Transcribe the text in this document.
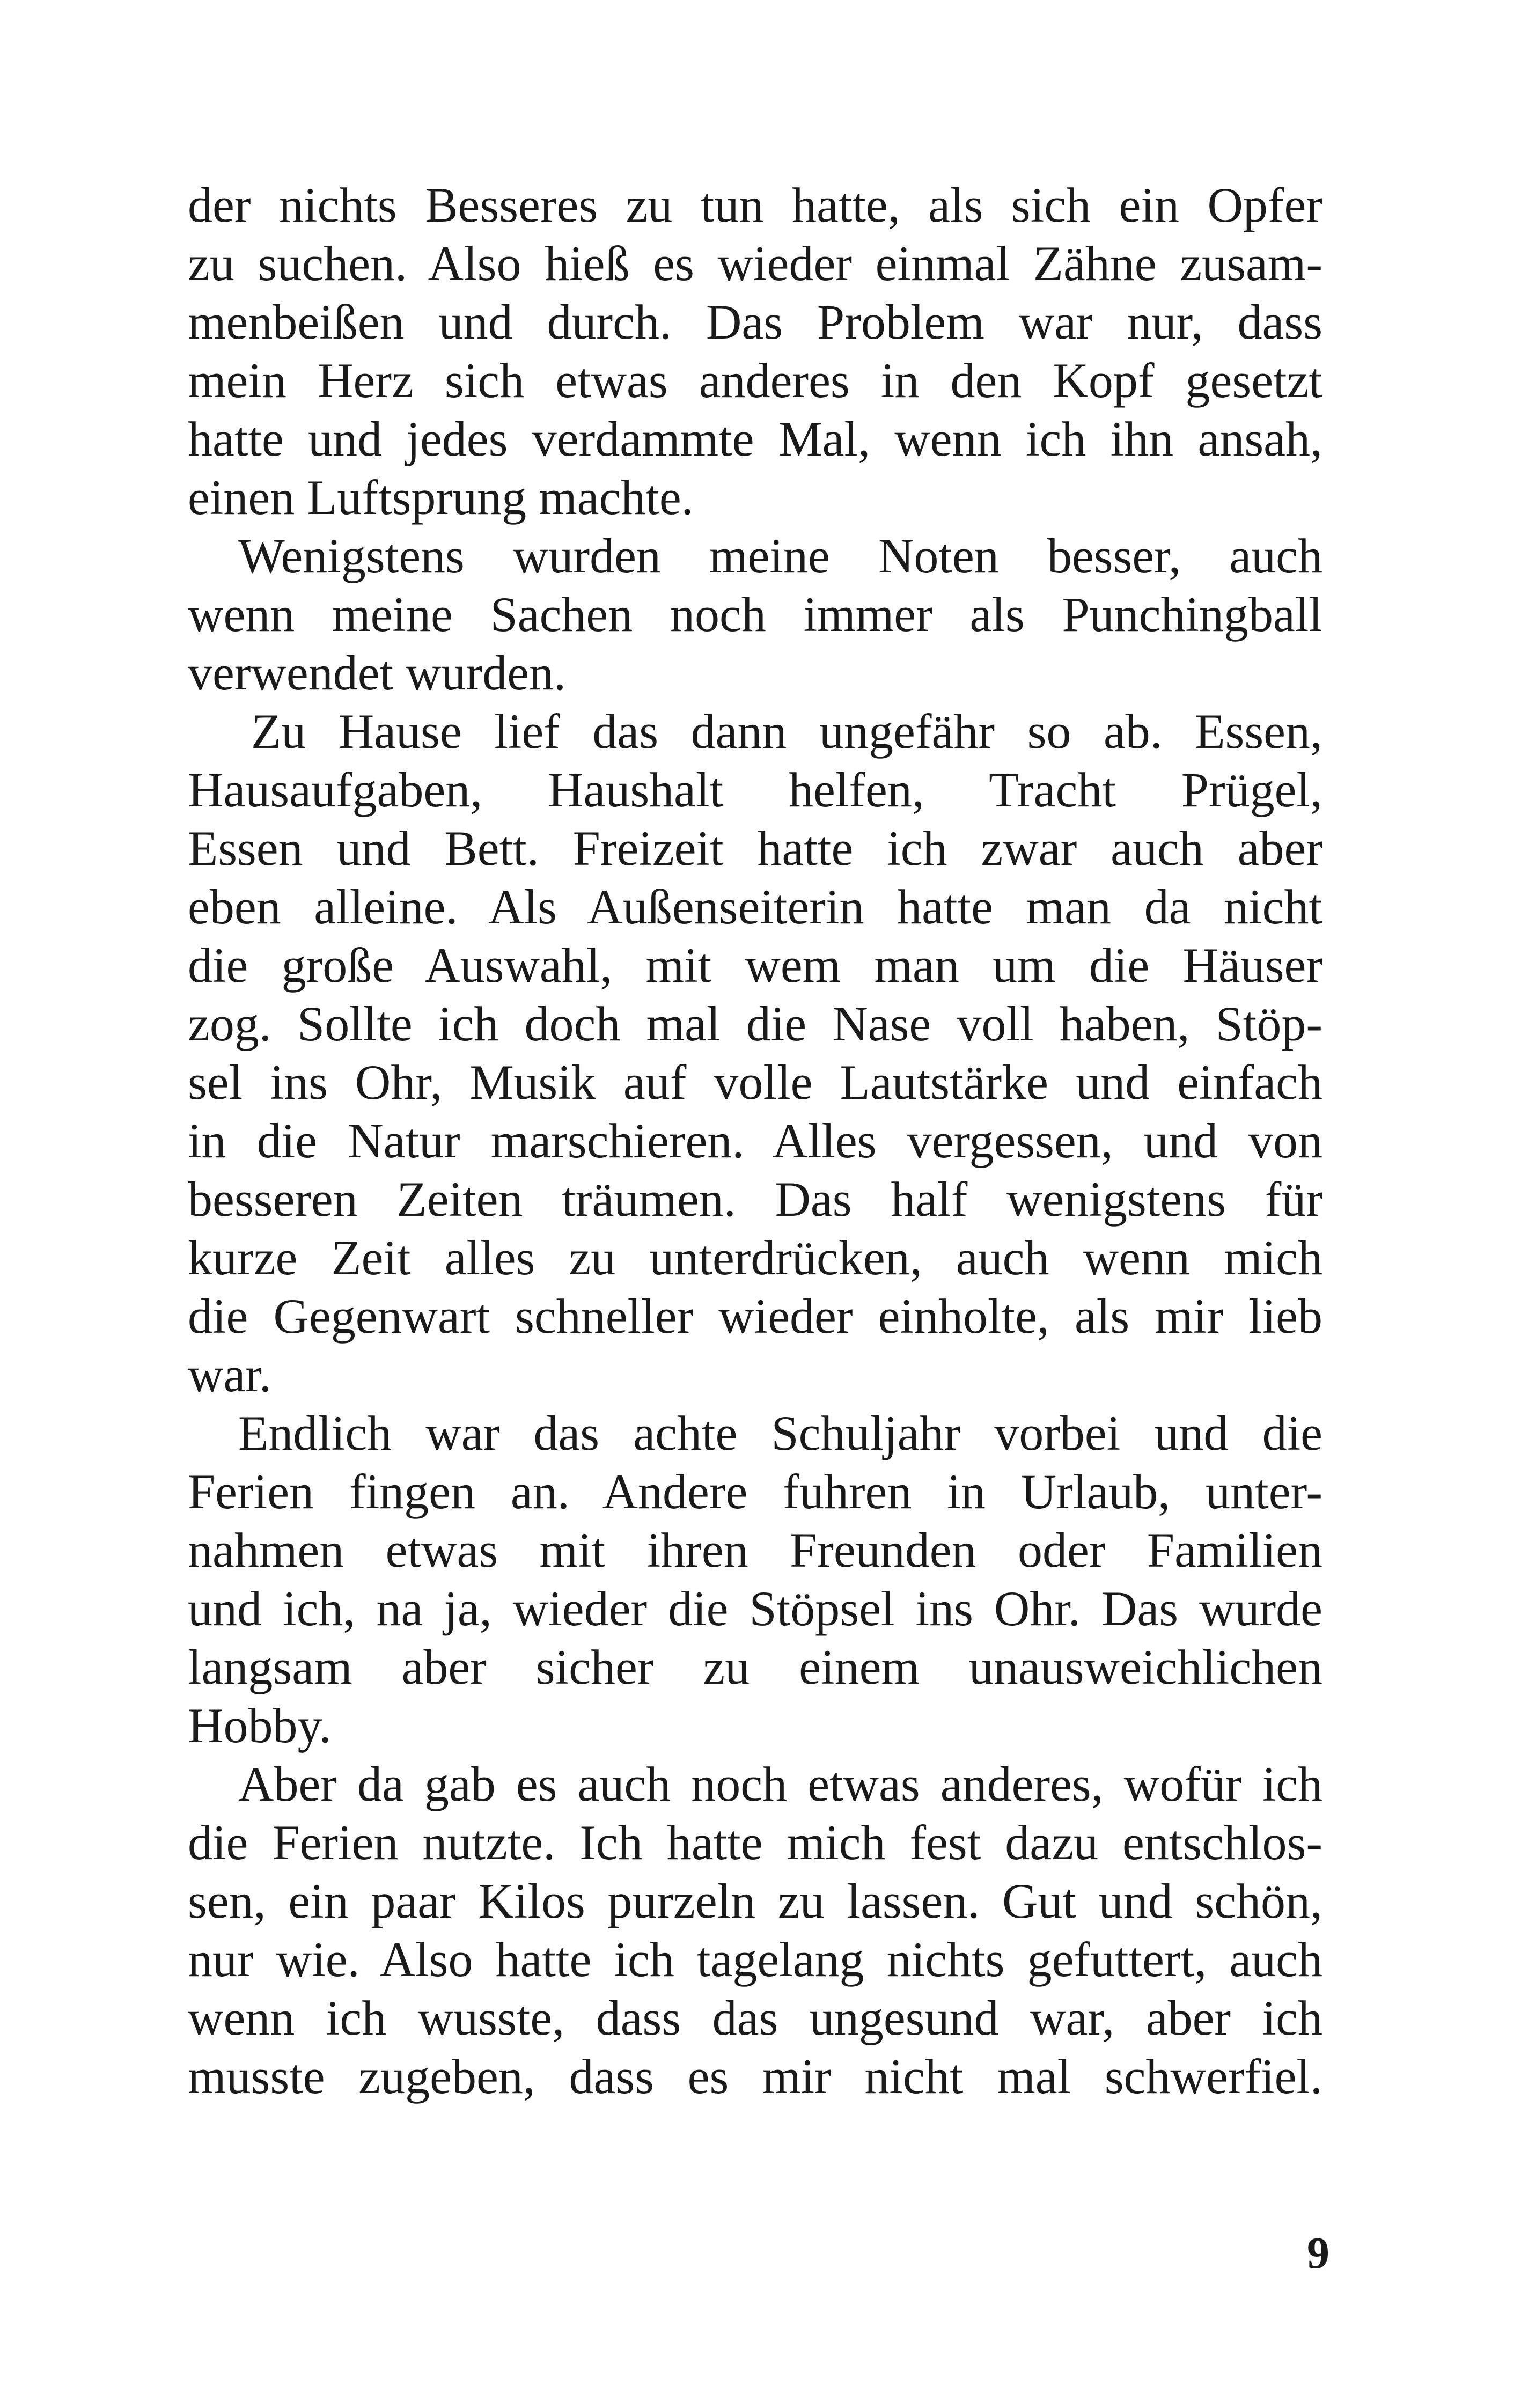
der nichts Besseres zu tun hatte, als sich ein Opfer
zu suchen. Also hieß es wieder einmal Zähne zusam-
menbeißen und durch. Das Problem war nur, dass
mein Herz sich etwas anderes in den Kopf gesetzt
hatte und jedes verdammte Mal, wenn ich ihn ansah,
einen Luftsprung machte.
Wenigstens wurden meine Noten besser, auch
wenn meine Sachen noch immer als Punchingball
verwendet wurden.
Zu Hause lief das dann ungefähr so ab. Essen,
Hausaufgaben, Haushalt helfen, Tracht Prügel,
Essen und Bett. Freizeit hatte ich zwar auch aber
eben alleine. Als Außenseiterin hatte man da nicht
die große Auswahl, mit wem man um die Häuser
zog. Sollte ich doch mal die Nase voll haben, Stöp-
sel ins Ohr, Musik auf volle Lautstärke und einfach
in die Natur marschieren. Alles vergessen, und von
besseren Zeiten träumen. Das half wenigstens für
kurze Zeit alles zu unterdrücken, auch wenn mich
die Gegenwart schneller wieder einholte, als mir lieb
war.
Endlich war das achte Schuljahr vorbei und die
Ferien fingen an. Andere fuhren in Urlaub, unter-
nahmen etwas mit ihren Freunden oder Familien
und ich, na ja, wieder die Stöpsel ins Ohr. Das wurde
langsam aber sicher zu einem unausweichlichen
Hobby.
Aber da gab es auch noch etwas anderes, wofür ich
die Ferien nutzte. Ich hatte mich fest dazu entschlos-
sen, ein paar Kilos purzeln zu lassen. Gut und schön,
nur wie. Also hatte ich tagelang nichts gefuttert, auch
wenn ich wusste, dass das ungesund war, aber ich
musste zugeben, dass es mir nicht mal schwerfiel.
9
